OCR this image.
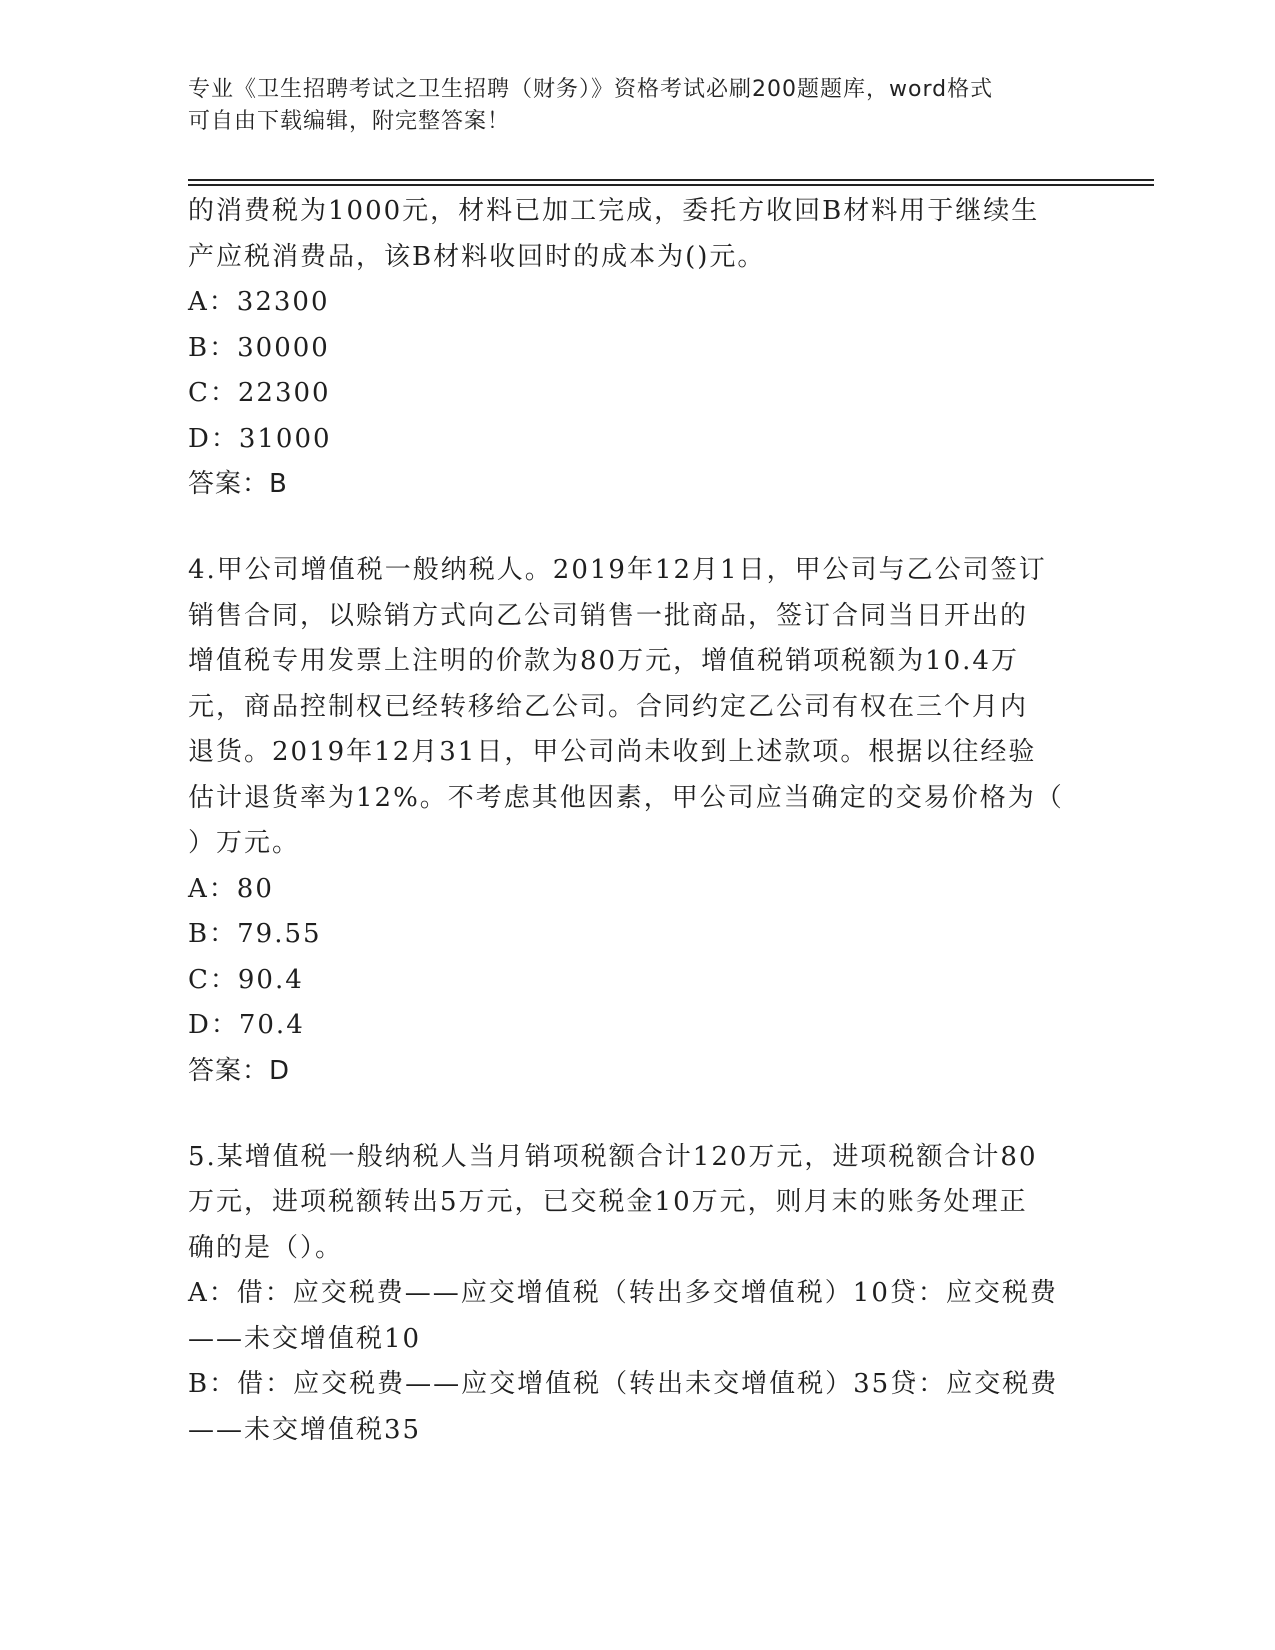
专业《卫生招聘考试之卫生招聘（财务）》资格考试必刷200题题库，word格式
可自由下载编辑，附完整答案！
的消费税为1000元，材料已加工完成，委托方收回B材料用于继续生
产应税消费品，该B材料收回时的成本为()元。
A：32300
B：30000
C：22300
D：31000
答案：B
4.甲公司增值税一般纳税人。2019年12月1日，甲公司与乙公司签订
销售合同，以赊销方式向乙公司销售一批商品，签订合同当日开出的
增值税专用发票上注明的价款为80万元，增值税销项税额为10.4万
元，商品控制权已经转移给乙公司。合同约定乙公司有权在三个月内
退货。2019年12月31日，甲公司尚未收到上述款项。根据以往经验
估计退货率为12%。不考虑其他因素，甲公司应当确定的交易价格为（
）万元。
A：80
B：79.55
C：90.4
D：70.4
答案：D
5.某增值税一般纳税人当月销项税额合计120万元，进项税额合计80
万元，进项税额转出5万元，已交税金10万元，则月末的账务处理正
确的是（）。
A：借：应交税费——应交增值税（转出多交增值税）10贷：应交税费
——未交增值税10
B：借：应交税费——应交增值税（转出未交增值税）35贷：应交税费
——未交增值税35
